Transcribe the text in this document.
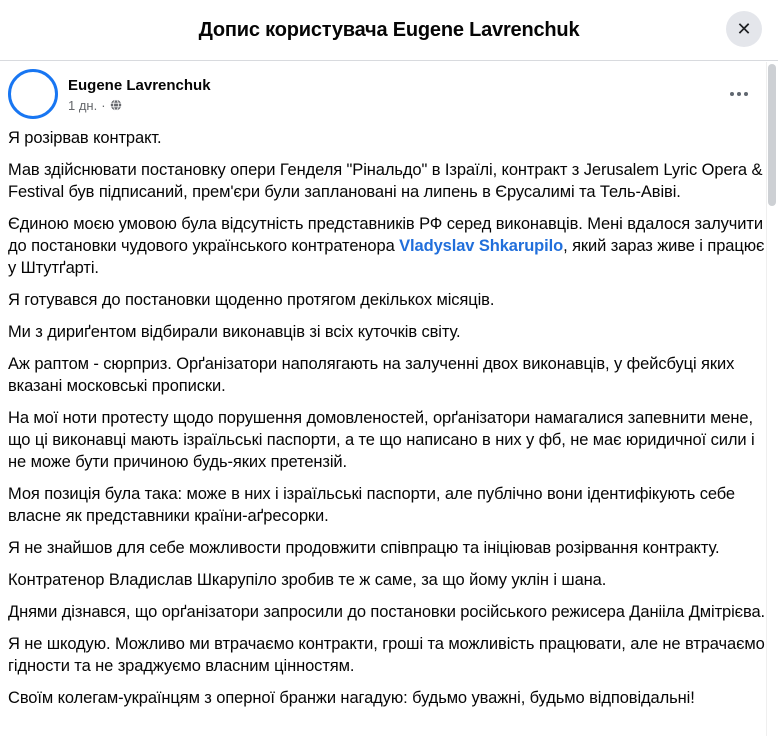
Допис користувача Eugene Lavrenchuk	✕
Eugene Lavrenchuk
1 дн. ·

Я розірвав контракт.

Мав здійснювати постановку опери Генделя "Рінальдо" в Ізраїлі, контракт з Jerusalem Lyric Opera & Festival був підписаний, прем'єри були заплановані на липень в Єрусалимі та Тель-Авіві.

Єдиною моєю умовою була відсутність представників РФ серед виконавців. Мені вдалося залучити до постановки чудового українського контратенора Vladyslav Shkarupilo, який зараз живе і працює у Штутґарті.

Я готувався до постановки щоденно протягом декількох місяців.

Ми з дириґентом відбирали виконавців зі всіх куточків світу.

Аж раптом - сюрприз. Орґанізатори наполягають на залученні двох виконавців, у фейсбуці яких вказані московські прописки.

На мої ноти протесту щодо порушення домовленостей, орґанізатори намагалися запевнити мене, що ці виконавці мають ізраїльські паспорти, а те що написано в них у фб, не має юридичної сили і не може бути причиною будь-яких претензій.

Моя позиція була така: може в них і ізраїльські паспорти, але публічно вони ідентифікують себе власне як представники країни-аґресорки.

Я не знайшов для себе можливости продовжити співпрацю та ініціював розірвання контракту.

Контратенор Владислав Шкарупіло зробив те ж саме, за що йому уклін і шана.

Днями дізнався, що орґанізатори запросили до постановки російського режисера Данііла Дмітрієва.

Я не шкодую. Можливо ми втрачаємо контракти, гроші та можливість працювати, але не втрачаємо гідности та не зраджуємо власним цінностям.

Своїм колегам-українцям з оперної бранжи нагадую: будьмо уважні, будьмо відповідальні!
